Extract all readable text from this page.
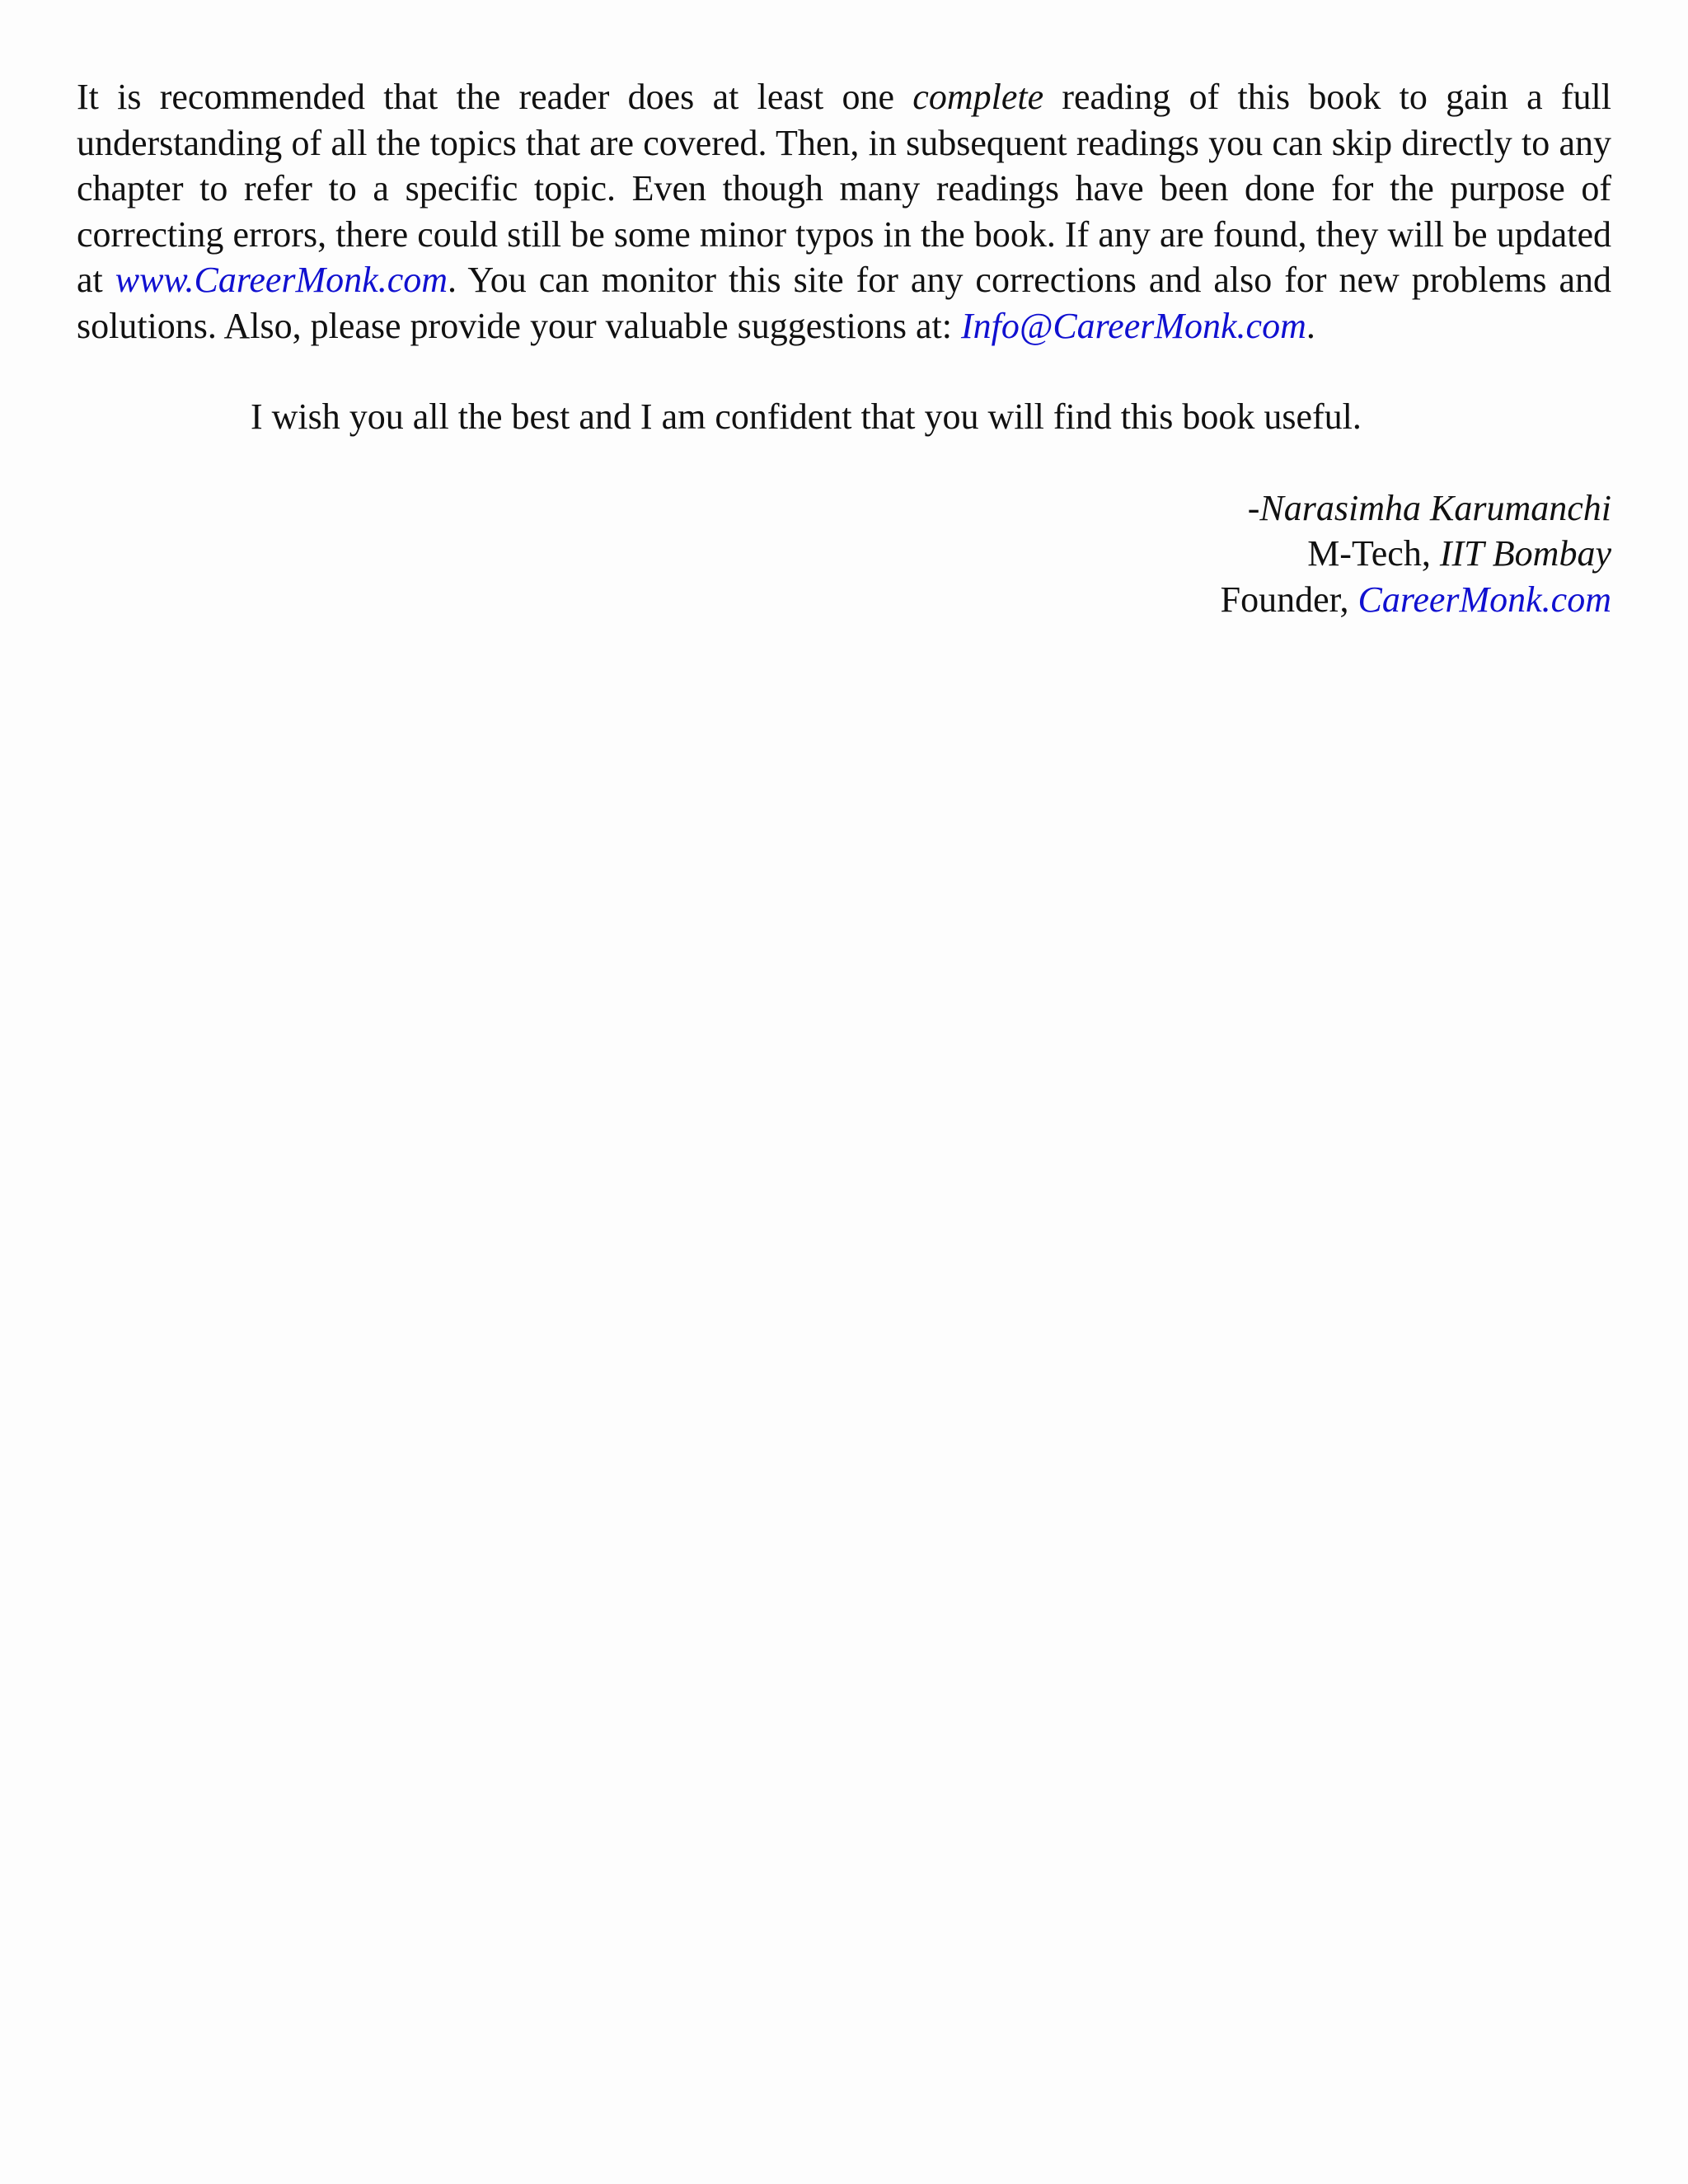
It is recommended that the reader does at least one complete reading of this book to gain a full understanding of all the topics that are covered. Then, in subsequent readings you can skip directly to any chapter to refer to a specific topic. Even though many readings have been done for the purpose of correcting errors, there could still be some minor typos in the book. If any are found, they will be updated at www.CareerMonk.com. You can monitor this site for any corrections and also for new problems and solutions. Also, please provide your valuable suggestions at: Info@CareerMonk.com.

I wish you all the best and I am confident that you will find this book useful.

-Narasimha Karumanchi
M-Tech, IIT Bombay
Founder, CareerMonk.com
